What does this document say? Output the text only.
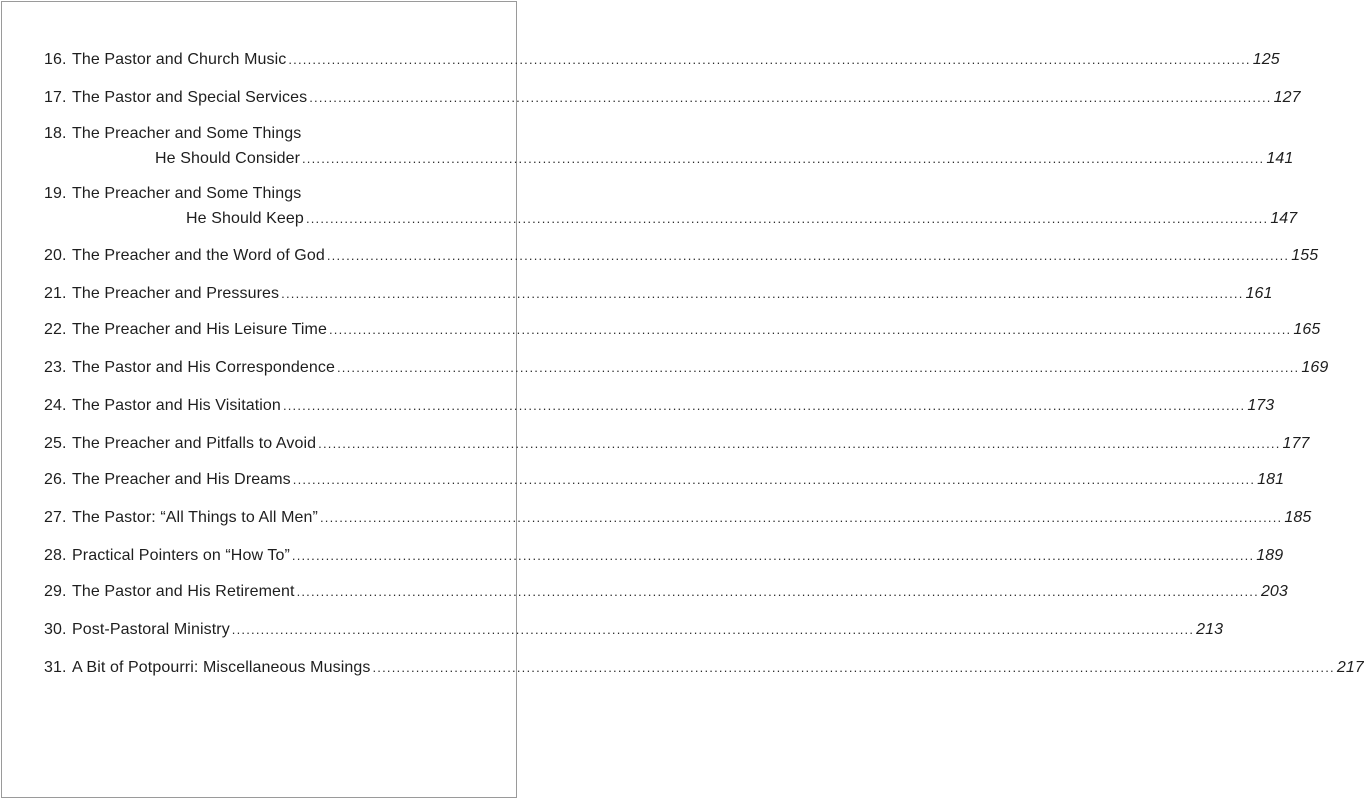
16. The Pastor and Church Music ........................................................................................................................................................................................................ 125
17. The Pastor and Special Services ........................................................................................................................................................................................................ 127
18. The Preacher and Some Things
He Should Consider ........................................................................................................................................................................................................ 141
19. The Preacher and Some Things
He Should Keep ........................................................................................................................................................................................................ 147
20. The Preacher and the Word of God ........................................................................................................................................................................................................ 155
21. The Preacher and Pressures ........................................................................................................................................................................................................ 161
22. The Preacher and His Leisure Time ........................................................................................................................................................................................................ 165
23. The Pastor and His Correspondence ........................................................................................................................................................................................................ 169
24. The Pastor and His Visitation ........................................................................................................................................................................................................ 173
25. The Preacher and Pitfalls to Avoid ........................................................................................................................................................................................................ 177
26. The Preacher and His Dreams ........................................................................................................................................................................................................ 181
27. The Pastor: “All Things to All Men” ........................................................................................................................................................................................................ 185
28. Practical Pointers on “How To” ........................................................................................................................................................................................................ 189
29. The Pastor and His Retirement ........................................................................................................................................................................................................ 203
30. Post-Pastoral Ministry ........................................................................................................................................................................................................ 213
31. A Bit of Potpourri: Miscellaneous Musings ........................................................................................................................................................................................................ 217
